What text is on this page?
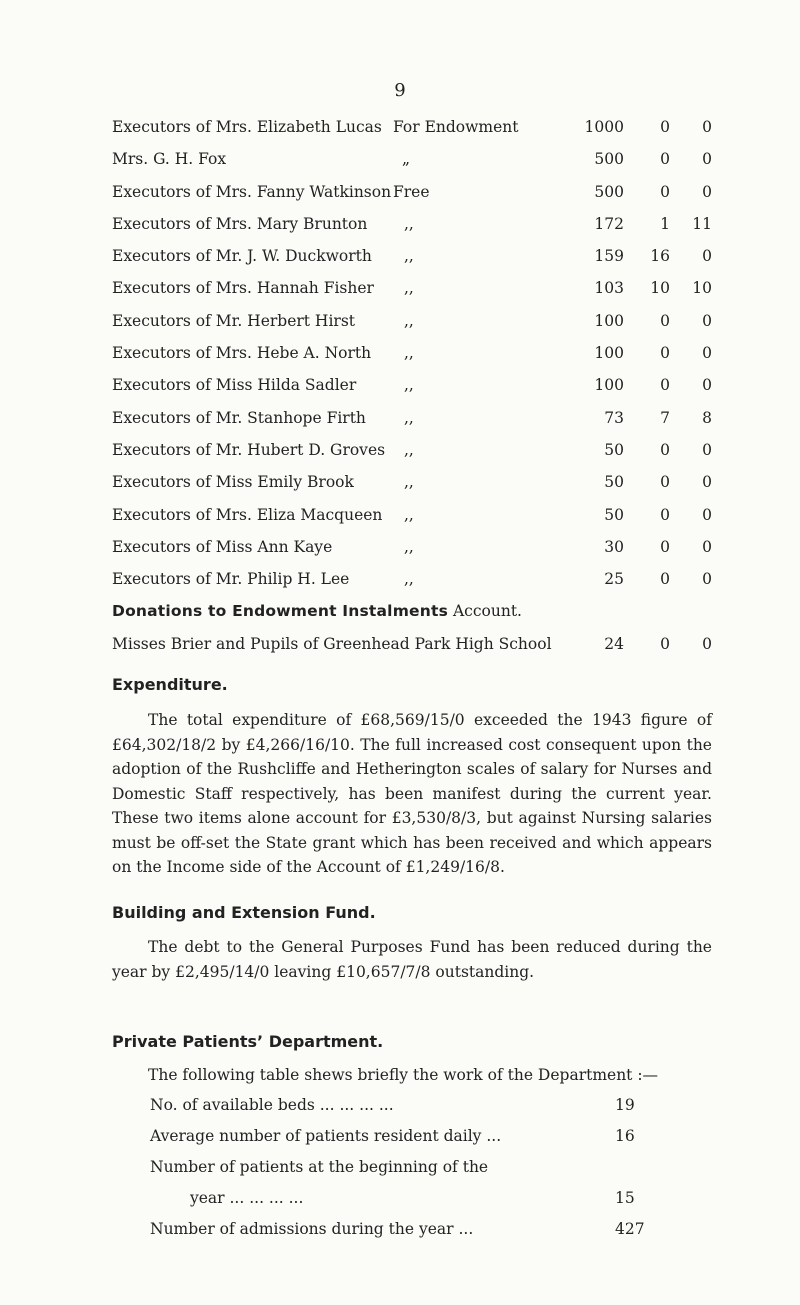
9
Executors of Mrs. Elizabeth Lucas For Endowment	1000 0 0
Mrs. G. H. Fox	„	500 0 0
Executors of Mrs. Fanny Watkinson Free	500 0 0
Executors of Mrs. Mary Brunton ,,	172 1 11
Executors of Mr. J. W. Duckworth ,,	159 16 0
Executors of Mrs. Hannah Fisher ,,	103 10 10
Executors of Mr. Herbert Hirst	,,	100 0 0
Executors of Mrs. Hebe A. North ,,	100 0 0
Executors of Miss Hilda Sadler	,,	100 0 0
Executors of Mr. Stanhope Firth ,,	73 7 8
Executors of Mr. Hubert D. Groves ,,	50 0 0
Executors of Miss Emily Brook	,,	50 0 0
Executors of Mrs. Eliza Macqueen ,,	50 0 0
Executors of Miss Ann Kaye	,,	30 0 0
Executors of Mr. Philip H. Lee	,,	25 0 0
Donations to Endowment Instalments Account.
Misses Brier and Pupils of Greenhead Park High School	24 0 0
Expenditure.
The total expenditure of £68,569/15/0 exceeded the 1943 figure of £64,302/18/2 by £4,266/16/10. The full increased cost consequent upon the adoption of the Rushcliffe and Hetherington scales of salary for Nurses and Domestic Staff respectively, has been manifest during the current year. These two items alone account for £3,530/8/3, but against Nursing salaries must be off-set the State grant which has been received and which appears on the Income side of the Account of £1,249/16/8.
Building and Extension Fund.
The debt to the General Purposes Fund has been reduced during the year by £2,495/14/0 leaving £10,657/7/8 outstanding.
Private Patients’ Department.
The following table shews briefly the work of the Department :—
No. of available beds ... ... ... ...	19
Average number of patients resident daily ...	16
Number of patients at the beginning of the
year ... ... ... ...	15
Number of admissions during the year ...	427
